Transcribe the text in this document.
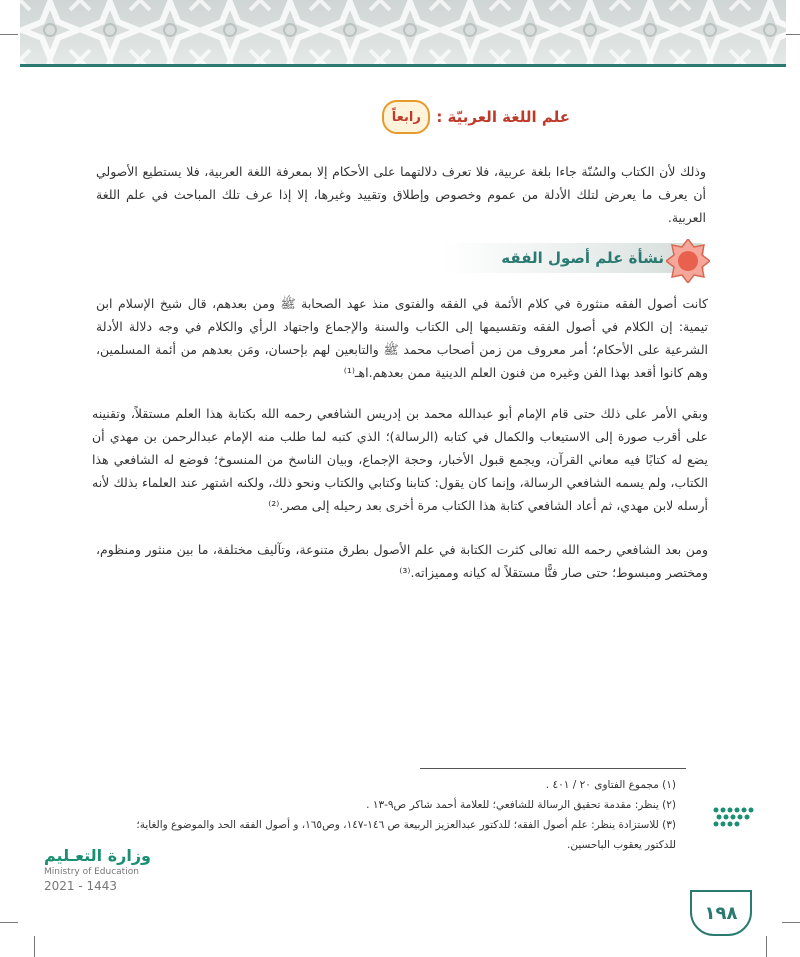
رابعاً	علم اللغة العربيّة :
وذلك لأن الكتاب والسُنّة جاءا بلغة عربية، فلا تعرف دلالتهما على الأحكام إلا بمعرفة اللغة العربية، فلا يستطيع الأصولي أن يعرف ما يعرض لتلك الأدلة من عموم وخصوص وإطلاق وتقييد وغيرها، إلا إذا عرف تلك المباحث في علم اللغة العربية.
نشأة علم أصول الفقه
كانت أصول الفقه منثورة في كلام الأئمة في الفقه والفتوى منذ عهد الصحابة ﷺ ومن بعدهم، قال شيخ الإسلام ابن تيمية: إن الكلام في أصول الفقه وتقسيمها إلى الكتاب والسنة والإجماع واجتهاد الرأي والكلام في وجه دلالة الأدلة الشرعية على الأحكام؛ أمر معروف من زمن أصحاب محمد ﷺ والتابعين لهم بإحسان، ومَن بعدهم من أئمة المسلمين، وهم كانوا أقعد بهذا الفن وغيره من فنون العلم الدينية ممن بعدهم.اهـ⁽¹⁾
وبقي الأمر على ذلك حتى قام الإمام أبو عبدالله محمد بن إدريس الشافعي رحمه الله بكتابة هذا العلم مستقلاً، وتقنينه على أقرب صورة إلى الاستيعاب والكمال في كتابه (الرسالة)؛ الذي كتبه لما طلب منه الإمام عبدالرحمن بن مهدي أن يضع له كتابًا فيه معاني القرآن، ويجمع قبول الأخبار، وحجة الإجماع، وبيان الناسخ من المنسوخ؛ فوضع له الشافعي هذا الكتاب، ولم يسمه الشافعي الرسالة، وإنما كان يقول: كتابنا وكتابي والكتاب ونحو ذلك، ولكنه اشتهر عند العلماء بذلك لأنه أرسله لابن مهدي، ثم أعاد الشافعي كتابة هذا الكتاب مرة أخرى بعد رحيله إلى مصر.⁽²⁾
ومن بعد الشافعي رحمه الله تعالى كثرت الكتابة في علم الأصول بطرق متنوعة، وتآليف مختلفة، ما بين منثور ومنظوم، ومختصر ومبسوط؛ حتى صار فنًّا مستقلاً له كيانه ومميزاته.⁽³⁾
(١) مجموع الفتاوى ٢٠ / ٤٠١ .
(٢) ينظر: مقدمة تحقيق الرسالة للشافعي؛ للعلامة أحمد شاكر ص٩-١٣ .
(٣) للاستزادة ينظر: علم أصول الفقه؛ للدكتور عبدالعزيز الربيعة ص ١٤٦-١٤٧، وص١٦٥، و أصول الفقه الحد والموضوع والغاية؛
للدكتور يعقوب الباحسين.
وزارة التعـليم
Ministry of Education
2021 - 1443
١٩٨
